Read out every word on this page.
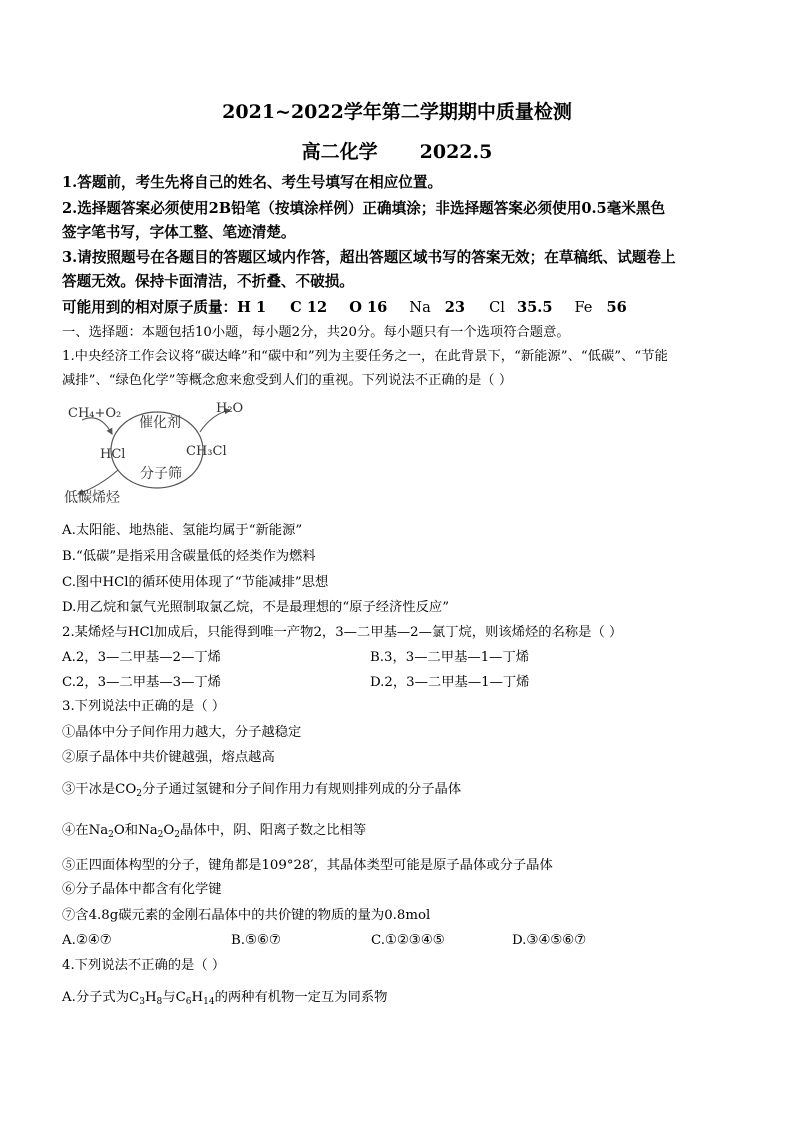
2021~2022学年第二学期期中质量检测
高二化学 2022.5
1.答题前，考生先将自己的姓名、考生号填写在相应位置。
2.选择题答案必须使用2B铅笔（按填涂样例）正确填涂；非选择题答案必须使用0.5毫米黑色
签字笔书写，字体工整、笔迹清楚。
3.请按照题号在各题目的答题区域内作答，超出答题区域书写的答案无效；在草稿纸、试题卷上
答题无效。保持卡面清洁，不折叠、不破损。
可能用到的相对原子质量：H 1 C 12 O 16 Na 23 Cl 35.5 Fe 56
一、选择题：本题包括10小题，每小题2分，共20分。每小题只有一个选项符合题意。
1.中央经济工作会议将“碳达峰”和“碳中和”列为主要任务之一，在此背景下，“新能源”、“低碳”、“节能
减排”、“绿色化学”等概念愈来愈受到人们的重视。下列说法不正确的是（ ）
CH₄+O₂
催化剂
H₂O
HCl	CH₃Cl
分子筛
低碳烯烃
A.太阳能、地热能、氢能均属于“新能源”
B.“低碳”是指采用含碳量低的烃类作为燃料
C.图中HCl的循环使用体现了“节能减排”思想
D.用乙烷和氯气光照制取氯乙烷，不是最理想的“原子经济性反应”
2.某烯烃与HCl加成后，只能得到唯一产物2，3—二甲基—2—氯丁烷，则该烯烃的名称是（ ）
A.2，3—二甲基—2—丁烯	B.3，3—二甲基—1—丁烯
C.2，3—二甲基—3—丁烯	D.2，3—二甲基—1—丁烯
3.下列说法中正确的是（ ）
①晶体中分子间作用力越大，分子越稳定
②原子晶体中共价键越强，熔点越高
③干冰是$CO_2$分子通过氢键和分子间作用力有规则排列成的分子晶体
④在$Na_2O$和$Na_2O_2$晶体中，阴、阳离子数之比相等
⑤正四面体构型的分子，键角都是109°28′，其晶体类型可能是原子晶体或分子晶体
⑥分子晶体中都含有化学键
⑦含4.8g碳元素的金刚石晶体中的共价键的物质的量为0.8mol
A.②④⑦	B.⑤⑥⑦	C.①②③④⑤	D.③④⑤⑥⑦
4.下列说法不正确的是（ ）
A.分子式为$C_3H_8$与$C_6H_{14}$的两种有机物一定互为同系物
